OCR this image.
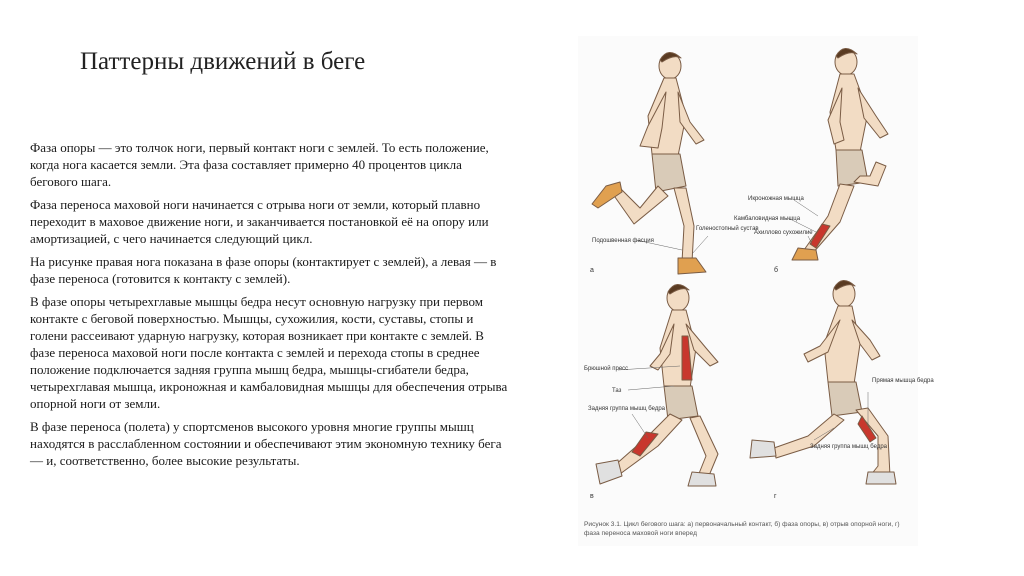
Паттерны движений в беге

Фаза опоры — это толчок ноги, первый контакт ноги с землей. То есть положение, когда нога касается земли. Эта фаза составляет примерно 40 процентов цикла бегового шага.

Фаза переноса маховой ноги начинается с отрыва ноги от земли, который плавно переходит в маховое движение ноги, и заканчивается постановкой её на опору или амортизацией, с чего начинается следующий цикл.

На рисунке правая нога показана в фазе опоры (контактирует с землей), а левая — в фазе переноса (готовится к контакту с землей).

В фазе опоры четырехглавые мышцы бедра несут основную нагрузку при первом контакте с беговой поверхностью. Мышцы, сухожилия, кости, суставы, стопы и голени рассеивают ударную нагрузку, которая возникает при контакте с землей. В фазе переноса маховой ноги после контакта с землей и перехода стопы в среднее положение подключается задняя группа мышц бедра, мышцы-сгибатели бедра, четырехглавая мышца, икроножная и камбаловидная мышцы для обеспечения отрыва опорной ноги от земли.

В фазе переноса (полета) у спортсменов высокого уровня многие группы мышц находятся в расслабленном состоянии и обеспечивают этим экономную технику бега — и, соответственно, более высокие результаты.

Подошвенная фасция
Голеностопный сустав
Икроножная мышца
Камбаловидная мышца
Ахиллово сухожилие
Брюшной пресс
Таз
Задняя группа мышц бедра
Прямая мышца бедра
Задняя группа мышц бедра
а	б
в	г
Рисунок 3.1. Цикл бегового шага: а) первоначальный контакт, б) фаза опоры, в) отрыв опорной ноги, г) фаза переноса маховой ноги вперед
